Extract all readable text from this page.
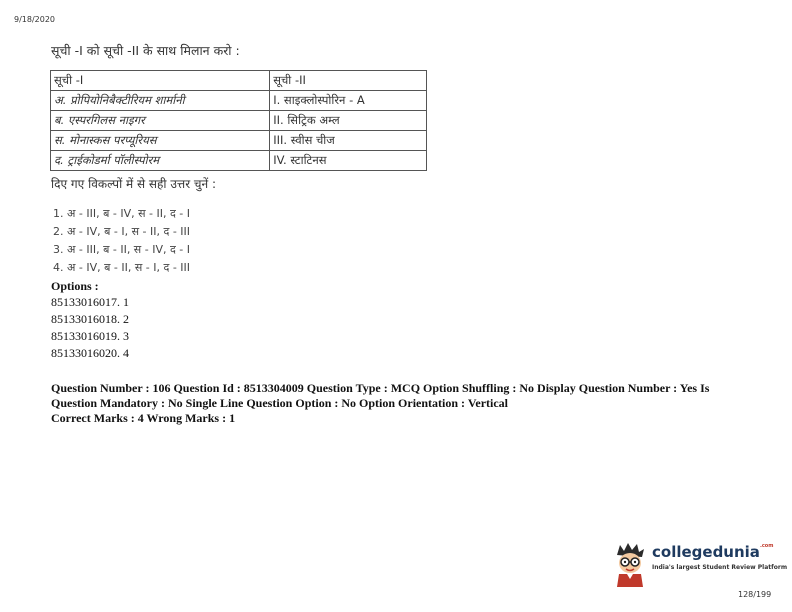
9/18/2020
सूची -I को सूची -II के साथ मिलान करो :
सूची -I	सूची -II
अ. प्रोपियोनिबैक्टीरियम शार्मानी	I. साइक्लोस्पोरिन - A
ब. एस्परगिलस नाइगर	II. सिट्रिक अम्ल
स. मोनास्कस परप्यूरियस	III. स्वीस चीज
द. ट्राईकोडर्मा पॉलीस्पोरम	IV. स्टाटिनस
दिए गए विकल्पों में से सही उत्तर चुनें :
1. अ - III, ब - IV, स - II, द - I
2. अ - IV, ब - I, स - II, द - III
3. अ - III, ब - II, स - IV, द - I
4. अ - IV, ब - II, स - I, द - III
Options :
85133016017. 1
85133016018. 2
85133016019. 3
85133016020. 4
Question Number : 106 Question Id : 8513304009 Question Type : MCQ Option Shuffling : No Display Question Number : Yes Is
Question Mandatory : No Single Line Question Option : No Option Orientation : Vertical
Correct Marks : 4 Wrong Marks : 1
collegedunia$^{.com}$
India's largest Student Review Platform
128/199
